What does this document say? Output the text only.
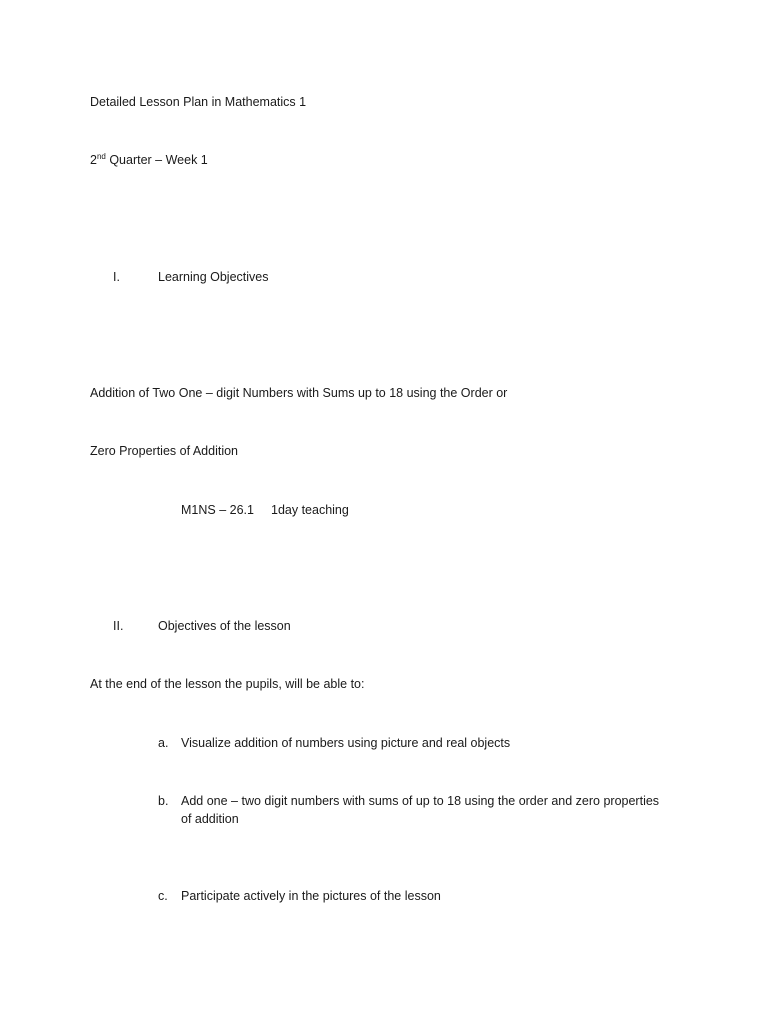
Detailed Lesson Plan in Mathematics 1
2nd Quarter – Week 1
I.	Learning Objectives
Addition of Two One – digit Numbers with Sums up to 18 using the Order or
Zero Properties of Addition
M1NS – 26.1 1day teaching
II.	Objectives of the lesson
At the end of the lesson the pupils, will be able to:
a. Visualize addition of numbers using picture and real objects
b. Add one – two digit numbers with sums of up to 18 using the order and zero properties
of addition
c. Participate actively in the pictures of the lesson
